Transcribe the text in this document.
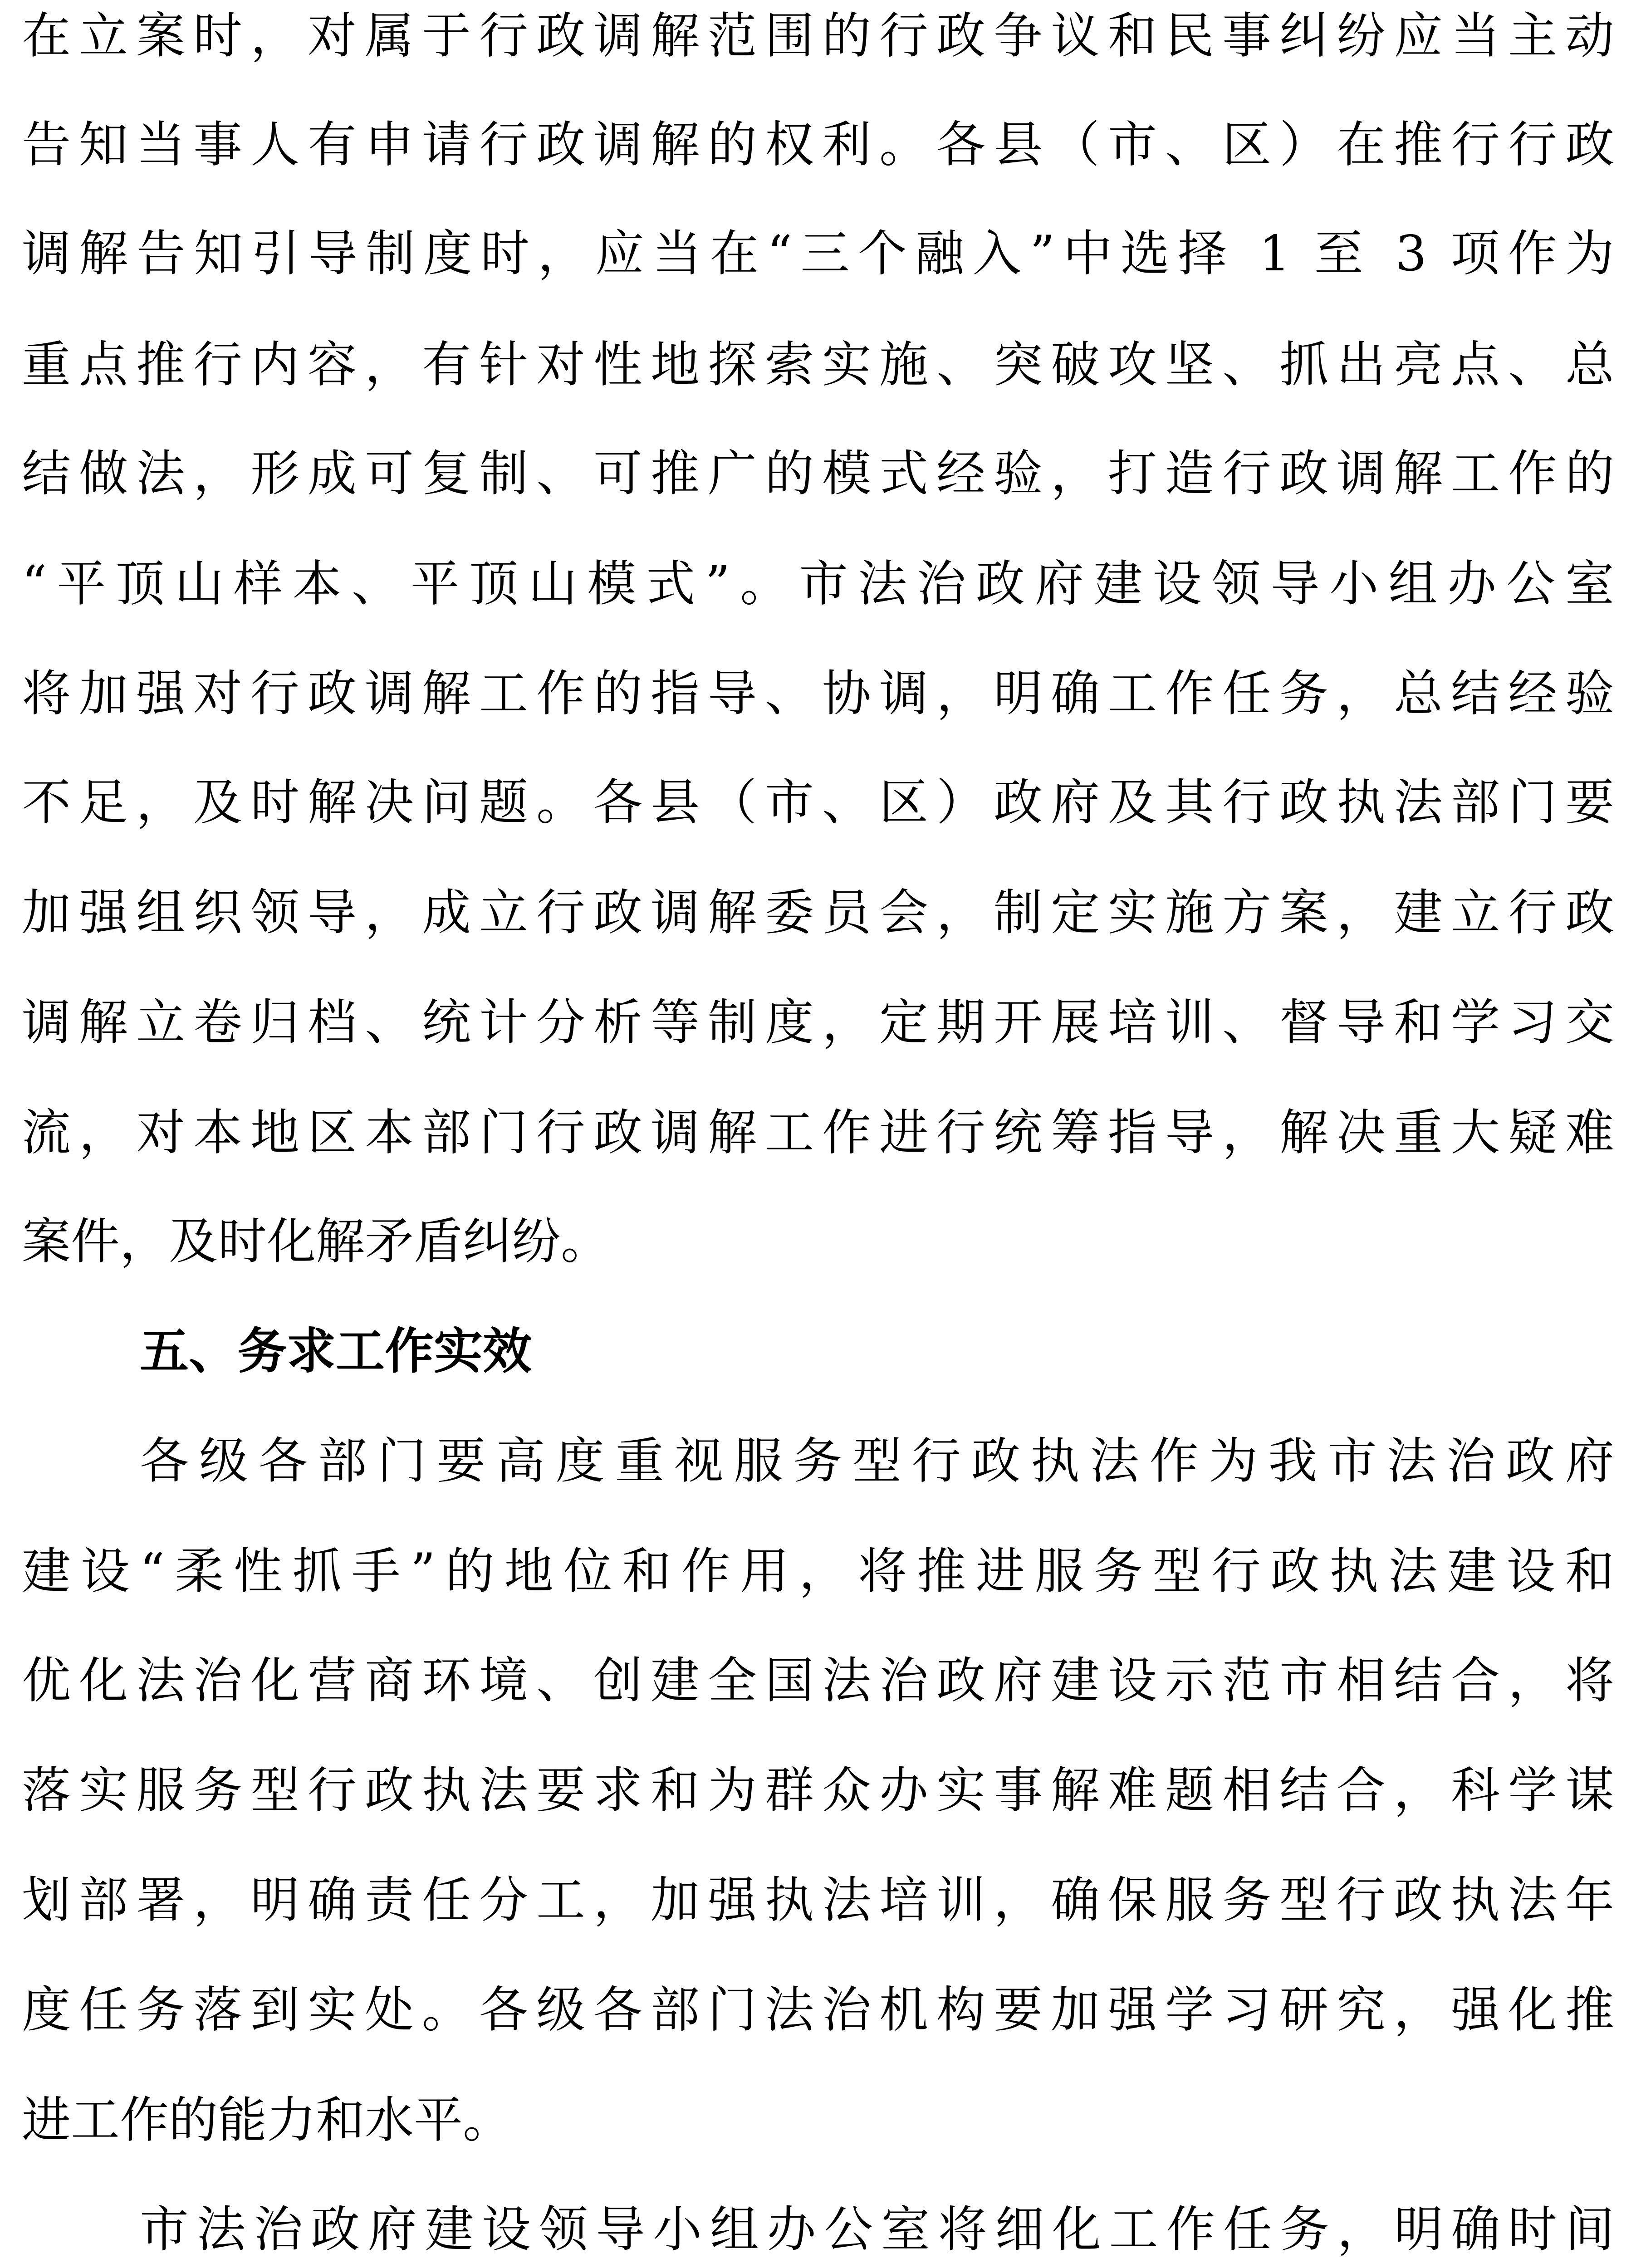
在立案时，对属于行政调解范围的行政争议和民事纠纷应当主动
告知当事人有申请行政调解的权利。各县（市、区）在推行行政
调解告知引导制度时，应当在“三个融入”中选择 1 至 3 项作为
重点推行内容，有针对性地探索实施、突破攻坚、抓出亮点、总
结做法，形成可复制、可推广的模式经验，打造行政调解工作的
“平顶山样本、平顶山模式”。市法治政府建设领导小组办公室
将加强对行政调解工作的指导、协调，明确工作任务，总结经验
不足，及时解决问题。各县（市、区）政府及其行政执法部门要
加强组织领导，成立行政调解委员会，制定实施方案，建立行政
调解立卷归档、统计分析等制度，定期开展培训、督导和学习交
流，对本地区本部门行政调解工作进行统筹指导，解决重大疑难
案件，及时化解矛盾纠纷。
五、务求工作实效
各级各部门要高度重视服务型行政执法作为我市法治政府
建设“柔性抓手”的地位和作用，将推进服务型行政执法建设和
优化法治化营商环境、创建全国法治政府建设示范市相结合，将
落实服务型行政执法要求和为群众办实事解难题相结合，科学谋
划部署，明确责任分工，加强执法培训，确保服务型行政执法年
度任务落到实处。各级各部门法治机构要加强学习研究，强化推
进工作的能力和水平。
市法治政府建设领导小组办公室将细化工作任务，明确时间
